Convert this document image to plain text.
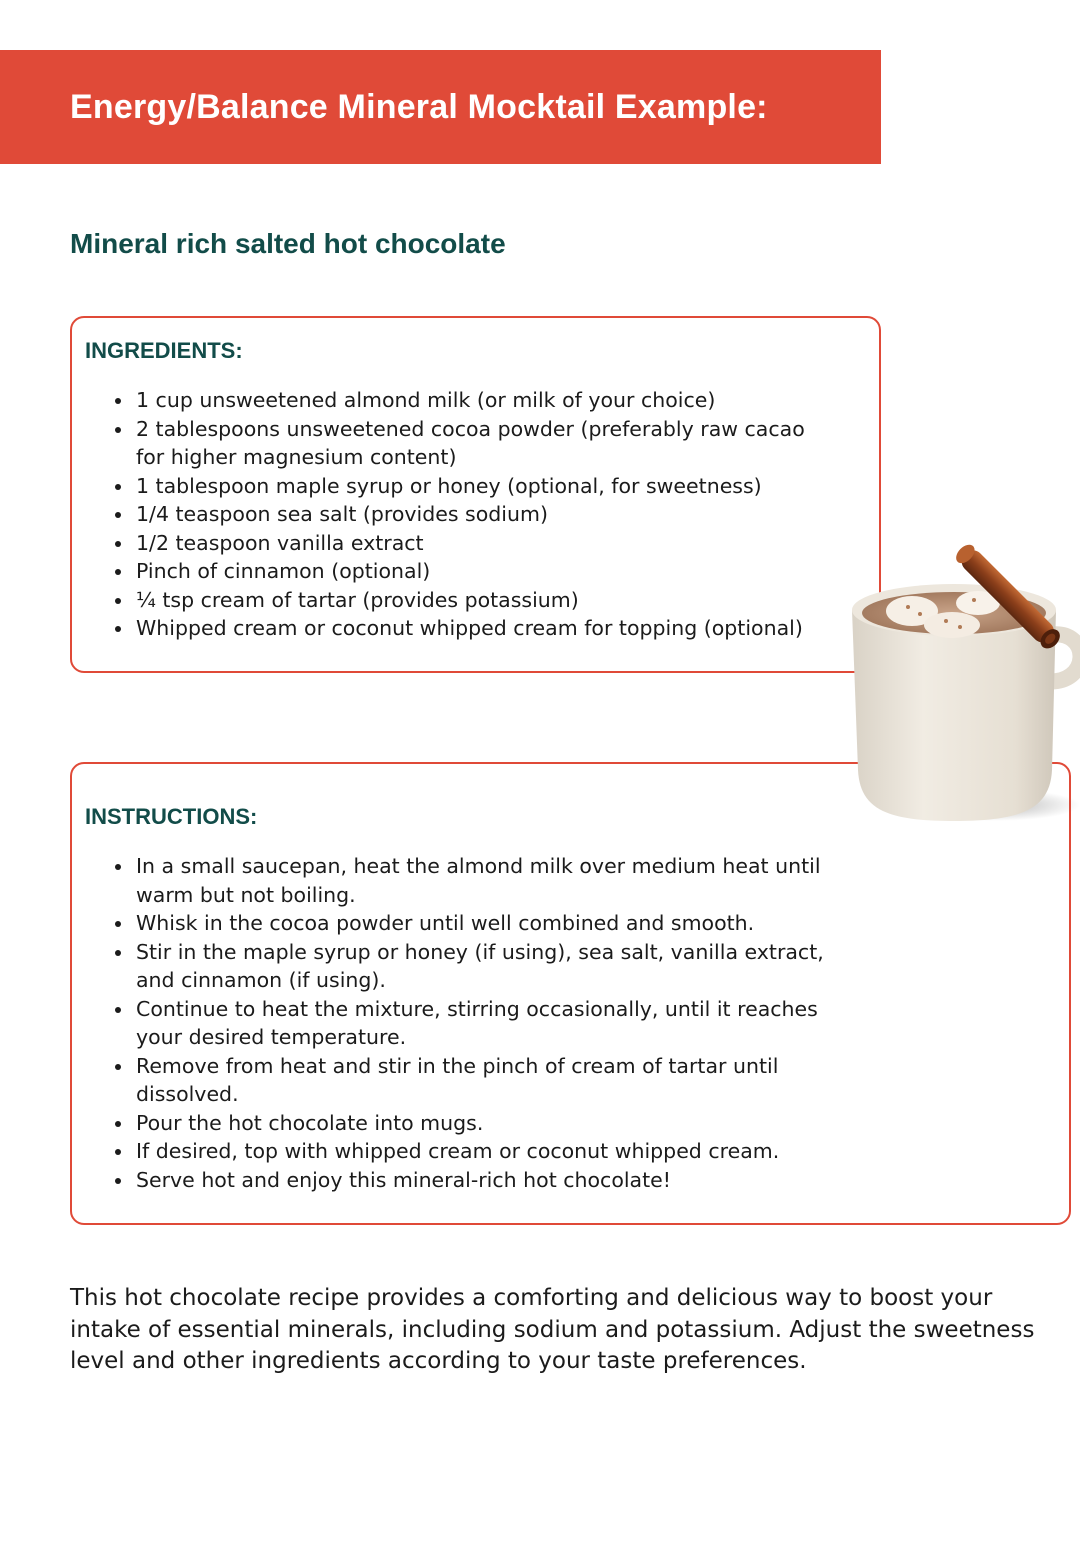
Energy/Balance Mineral Mocktail Example:
Mineral rich salted hot chocolate
INGREDIENTS:
• 1 cup unsweetened almond milk (or milk of your choice)
• 2 tablespoons unsweetened cocoa powder (preferably raw cacao for higher magnesium content)
• 1 tablespoon maple syrup or honey (optional, for sweetness)
• 1/4 teaspoon sea salt (provides sodium)
• 1/2 teaspoon vanilla extract
• Pinch of cinnamon (optional)
• ¼ tsp cream of tartar (provides potassium)
• Whipped cream or coconut whipped cream for topping (optional)
INSTRUCTIONS:
• In a small saucepan, heat the almond milk over medium heat until warm but not boiling.
• Whisk in the cocoa powder until well combined and smooth.
• Stir in the maple syrup or honey (if using), sea salt, vanilla extract, and cinnamon (if using).
• Continue to heat the mixture, stirring occasionally, until it reaches your desired temperature.
• Remove from heat and stir in the pinch of cream of tartar until dissolved.
• Pour the hot chocolate into mugs.
• If desired, top with whipped cream or coconut whipped cream.
• Serve hot and enjoy this mineral-rich hot chocolate!
This hot chocolate recipe provides a comforting and delicious way to boost your intake of essential minerals, including sodium and potassium. Adjust the sweetness level and other ingredients according to your taste preferences.
